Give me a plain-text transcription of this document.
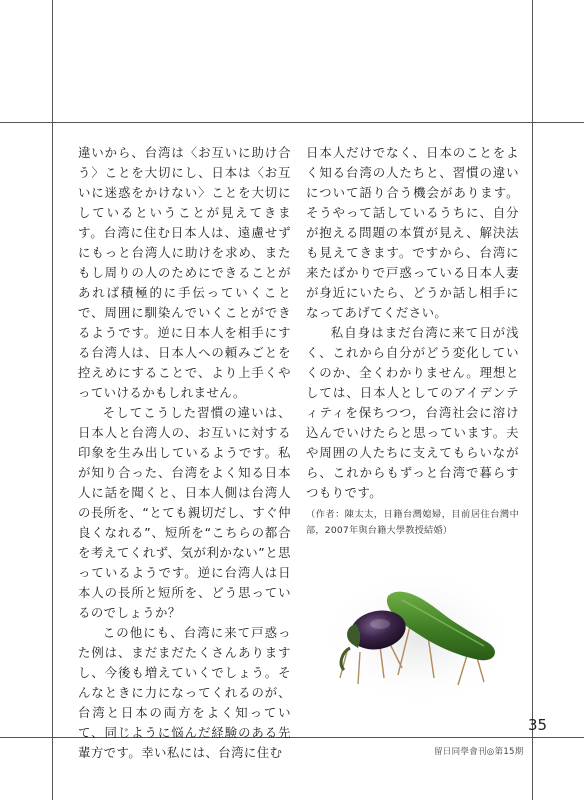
違いから、台湾は〈お互いに助け合う〉ことを大切にし、日本は〈お互いに迷惑をかけない〉ことを大切にしているということが見えてきます。台湾に住む日本人は、遠慮せずにもっと台湾人に助けを求め、またもし周りの人のためにできることがあれば積極的に手伝っていくことで、周囲に馴染んでいくことができるようです。逆に日本人を相手にする台湾人は、日本人への頼みごとを控えめにすることで、より上手くやっていけるかもしれません。

そしてこうした習慣の違いは、日本人と台湾人の、お互いに対する印象を生み出しているようです。私が知り合った、台湾をよく知る日本人に話を聞くと、日本人側は台湾人の長所を、“とても親切だし、すぐ仲良くなれる”、短所を“こちらの都合を考えてくれず、気が利かない”と思っているようです。逆に台湾人は日本人の長所と短所を、どう思っているのでしょうか？

この他にも、台湾に来て戸惑った例は、まだまだたくさんありますし、今後も増えていくでしょう。そんなときに力になってくれるのが、台湾と日本の両方をよく知っていて、同じように悩んだ経験のある先輩方です。幸い私には、台湾に住む

日本人だけでなく、日本のことをよく知る台湾の人たちと、習慣の違いについて語り合う機会があります。そうやって話しているうちに、自分が抱える問題の本質が見え、解決法も見えてきます。ですから、台湾に来たばかりで戸惑っている日本人妻が身近にいたら、どうか話し相手になってあげてください。

私自身はまだ台湾に来て日が浅く、これから自分がどう変化していくのか、全くわかりません。理想としては、日本人としてのアイデンティティを保ちつつ，台湾社会に溶け込んでいけたらと思っています。夫や周囲の人たちに支えてもらいながら、これからもずっと台湾で暮らすつもりです。

（作者：陳太太，日籍台灣媳婦，目前居住台灣中部，2007年與台籍大學教授結婚）

35
留日同學會刊◎第15期
